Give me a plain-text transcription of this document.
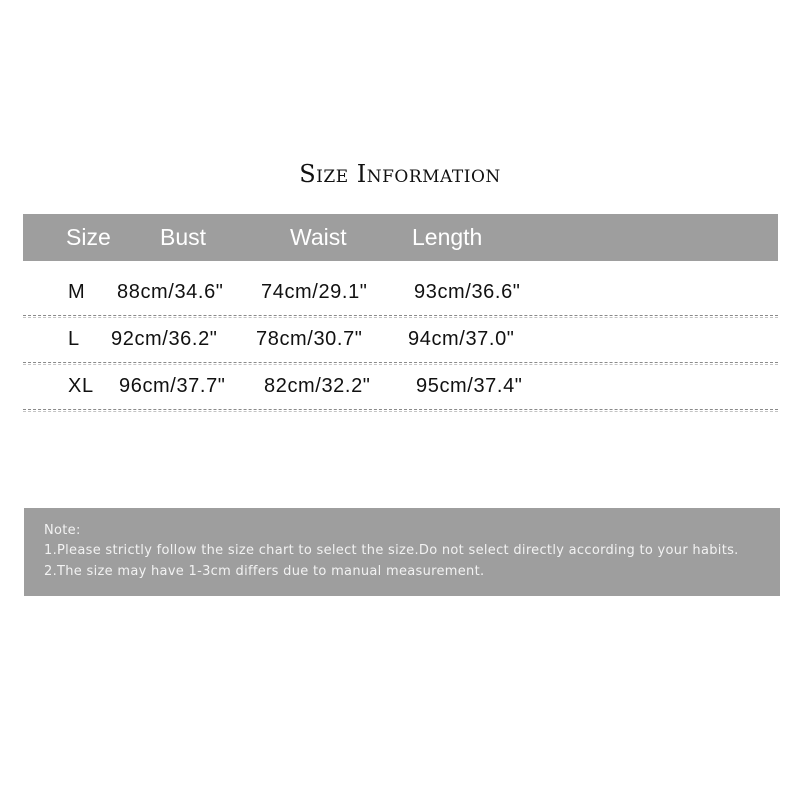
Size Information
Size Bust	Waist	Length
M 88cm/34.6" 74cm/29.1" 93cm/36.6"
L 92cm/36.2" 78cm/30.7" 94cm/37.0"
XL 96cm/37.7" 82cm/32.2" 95cm/37.4"
Note:
1.Please strictly follow the size chart to select the size.Do not select directly according to your habits.
2.The size may have 1-3cm differs due to manual measurement.
